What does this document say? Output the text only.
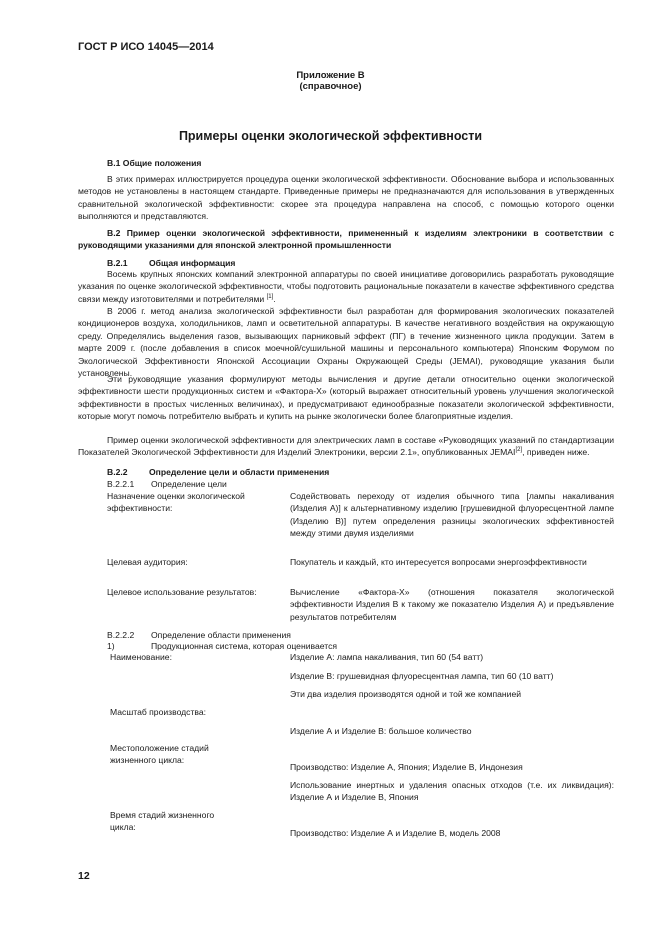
ГОСТ Р ИСО 14045—2014
Приложение В
(справочное)
Примеры оценки экологической эффективности
В.1 Общие положения
В этих примерах иллюстрируется процедура оценки экологической эффективности. Обоснование выбора и использованных методов не установлены в настоящем стандарте. Приведенные примеры не предназначаются для использования в утвержденных сравнительной экологической эффективности: скорее эта процедура направлена на способ, с помощью которого оценки выполняются и представляются.
В.2 Пример оценки экологической эффективности, примененный к изделиям электроники в соответствии с руководящими указаниями для японской электронной промышленности
В.2.1 Общая информация
Восемь крупных японских компаний электронной аппаратуры по своей инициативе договорились разработать руководящие указания по оценке экологической эффективности, чтобы подготовить рациональные показатели в качестве эффективного средства связи между изготовителями и потребителями [1].
В 2006 г. метод анализа экологической эффективности был разработан для формирования экологических показателей кондиционеров воздуха, холодильников, ламп и осветительной аппаратуры. В качестве негативного воздействия на окружающую среду. Определялись выделения газов, вызывающих парниковый эффект (ПГ) в течение жизненного цикла продукции. Затем в марте 2009 г. (после добавления в список моечной/сушильной машины и персонального компьютера) Японским Форумом по Экологической Эффективности Японской Ассоциации Охраны Окружающей Среды (JEMAI), руководящие указания были установлены.
Эти руководящие указания формулируют методы вычисления и другие детали относительно оценки экологической эффективности шести продукционных систем и «Фактора-X» (который выражает относительный уровень улучшения экологической эффективности в простых численных величинах), и предусматривают единообразные показатели экологической эффективности, которые могут помочь потребителю выбрать и купить на рынке экологически более благоприятные изделия.
Пример оценки экологической эффективности для электрических ламп в составе «Руководящих указаний по стандартизации Показателей Экологической Эффективности для Изделий Электроники, версии 2.1», опубликованных JEMAI[2], приведен ниже.
В.2.2 Определение цели и области применения
В.2.2.1 Определение цели
Назначение оценки экологической эффективности:
Содействовать переходу от изделия обычного типа [лампы накаливания (Изделия А)] к альтернативному изделию [грушевидной флуоресцентной лампе (Изделию В)] путем определения разницы экологических эффективностей между этими двумя изделиями
Целевая аудитория:	Покупатель и каждый, кто интересуется вопросами энергоэффективности
Целевое использование результатов:	Вычисление «Фактора-X» (отношения показателя экологической эффективности Изделия В к такому же показателю Изделия А) и предъявление результатов потребителям
В.2.2.2 Определение области применения
1)	Продукционная система, которая оценивается
Наименование:	Изделие А: лампа накаливания, тип 60 (54 ватт)
Изделие В: грушевидная флуоресцентная лампа, тип 60 (10 ватт)
Эти два изделия производятся одной и той же компанией
Масштаб производства:
Изделие А и Изделие В: большое количество
Местоположение стадий жизненного цикла:
Производство: Изделие А, Япония; Изделие В, Индонезия
Использование инертных и удаления опасных отходов (т.е. их ликвидация): Изделие А и Изделие В, Япония
Время стадий жизненного цикла:
Производство: Изделие А и Изделие В, модель 2008
12
